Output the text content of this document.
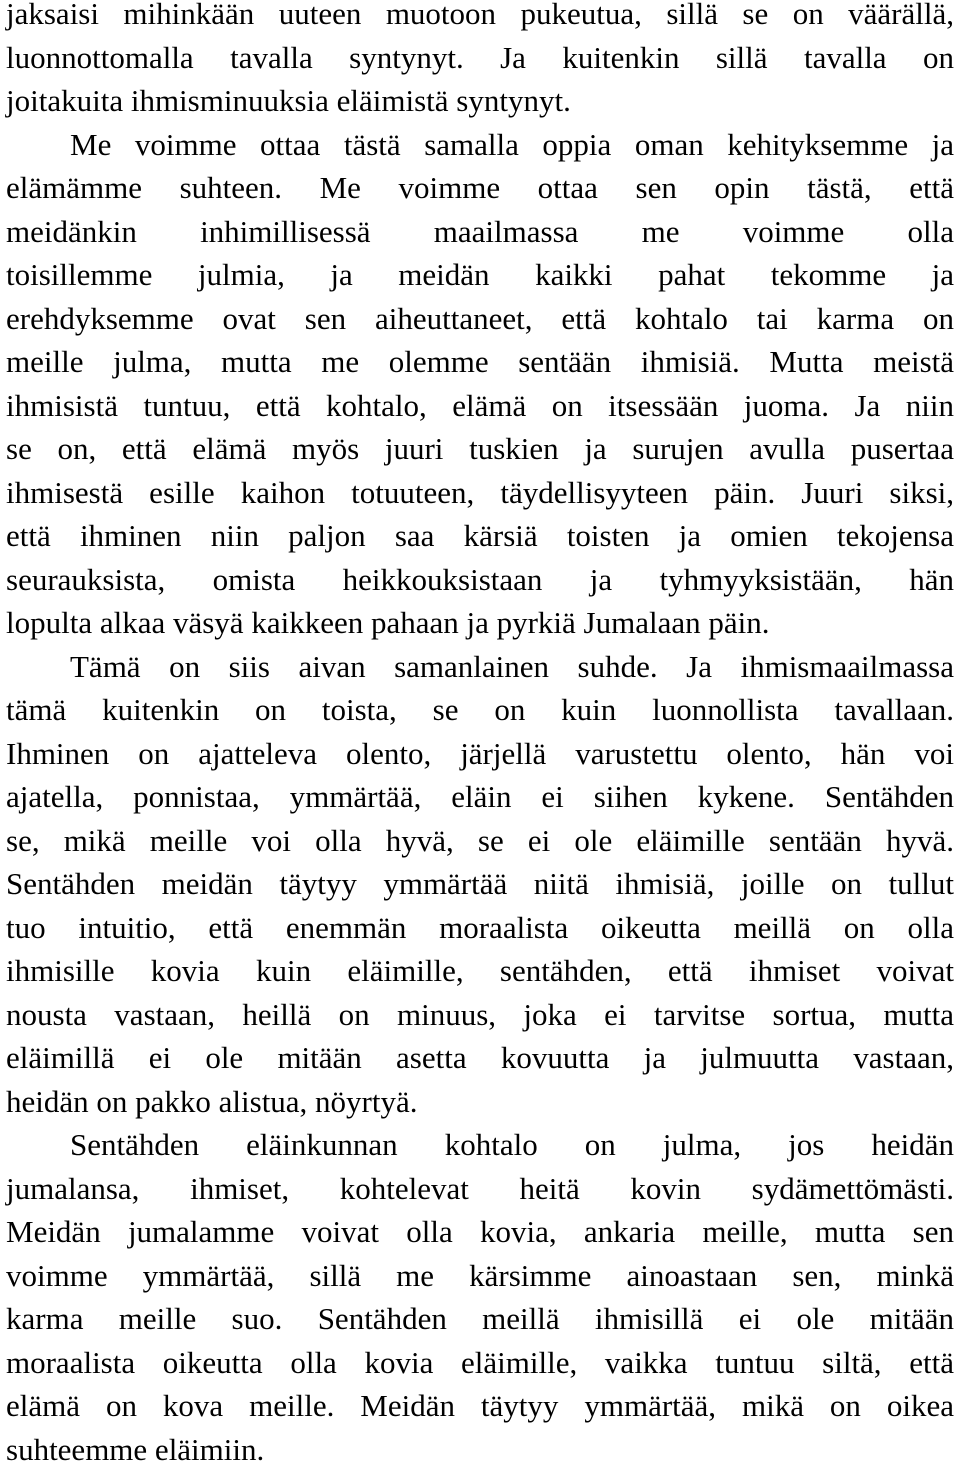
jaksaisi mihinkään uuteen muotoon pukeutua, sillä se on väärällä,
luonnottomalla tavalla syntynyt. Ja kuitenkin sillä tavalla on
joitakuita ihmisminuuksia eläimistä syntynyt.
Me voimme ottaa tästä samalla oppia oman kehityksemme ja
elämämme suhteen. Me voimme ottaa sen opin tästä, että
meidänkin inhimillisessä maailmassa me voimme olla
toisillemme julmia, ja meidän kaikki pahat tekomme ja
erehdyksemme ovat sen aiheuttaneet, että kohtalo tai karma on
meille julma, mutta me olemme sentään ihmisiä. Mutta meistä
ihmisistä tuntuu, että kohtalo, elämä on itsessään juoma. Ja niin
se on, että elämä myös juuri tuskien ja surujen avulla pusertaa
ihmisestä esille kaihon totuuteen, täydellisyyteen päin. Juuri siksi,
että ihminen niin paljon saa kärsiä toisten ja omien tekojensa
seurauksista, omista heikkouksistaan ja tyhmyyksistään, hän
lopulta alkaa väsyä kaikkeen pahaan ja pyrkiä Jumalaan päin.
Tämä on siis aivan samanlainen suhde. Ja ihmismaailmassa
tämä kuitenkin on toista, se on kuin luonnollista tavallaan.
Ihminen on ajatteleva olento, järjellä varustettu olento, hän voi
ajatella, ponnistaa, ymmärtää, eläin ei siihen kykene. Sentähden
se, mikä meille voi olla hyvä, se ei ole eläimille sentään hyvä.
Sentähden meidän täytyy ymmärtää niitä ihmisiä, joille on tullut
tuo intuitio, että enemmän moraalista oikeutta meillä on olla
ihmisille kovia kuin eläimille, sentähden, että ihmiset voivat
nousta vastaan, heillä on minuus, joka ei tarvitse sortua, mutta
eläimillä ei ole mitään asetta kovuutta ja julmuutta vastaan,
heidän on pakko alistua, nöyrtyä.
Sentähden eläinkunnan kohtalo on julma, jos heidän
jumalansa, ihmiset, kohtelevat heitä kovin sydämettömästi.
Meidän jumalamme voivat olla kovia, ankaria meille, mutta sen
voimme ymmärtää, sillä me kärsimme ainoastaan sen, minkä
karma meille suo. Sentähden meillä ihmisillä ei ole mitään
moraalista oikeutta olla kovia eläimille, vaikka tuntuu siltä, että
elämä on kova meille. Meidän täytyy ymmärtää, mikä on oikea
suhteemme eläimiin.
